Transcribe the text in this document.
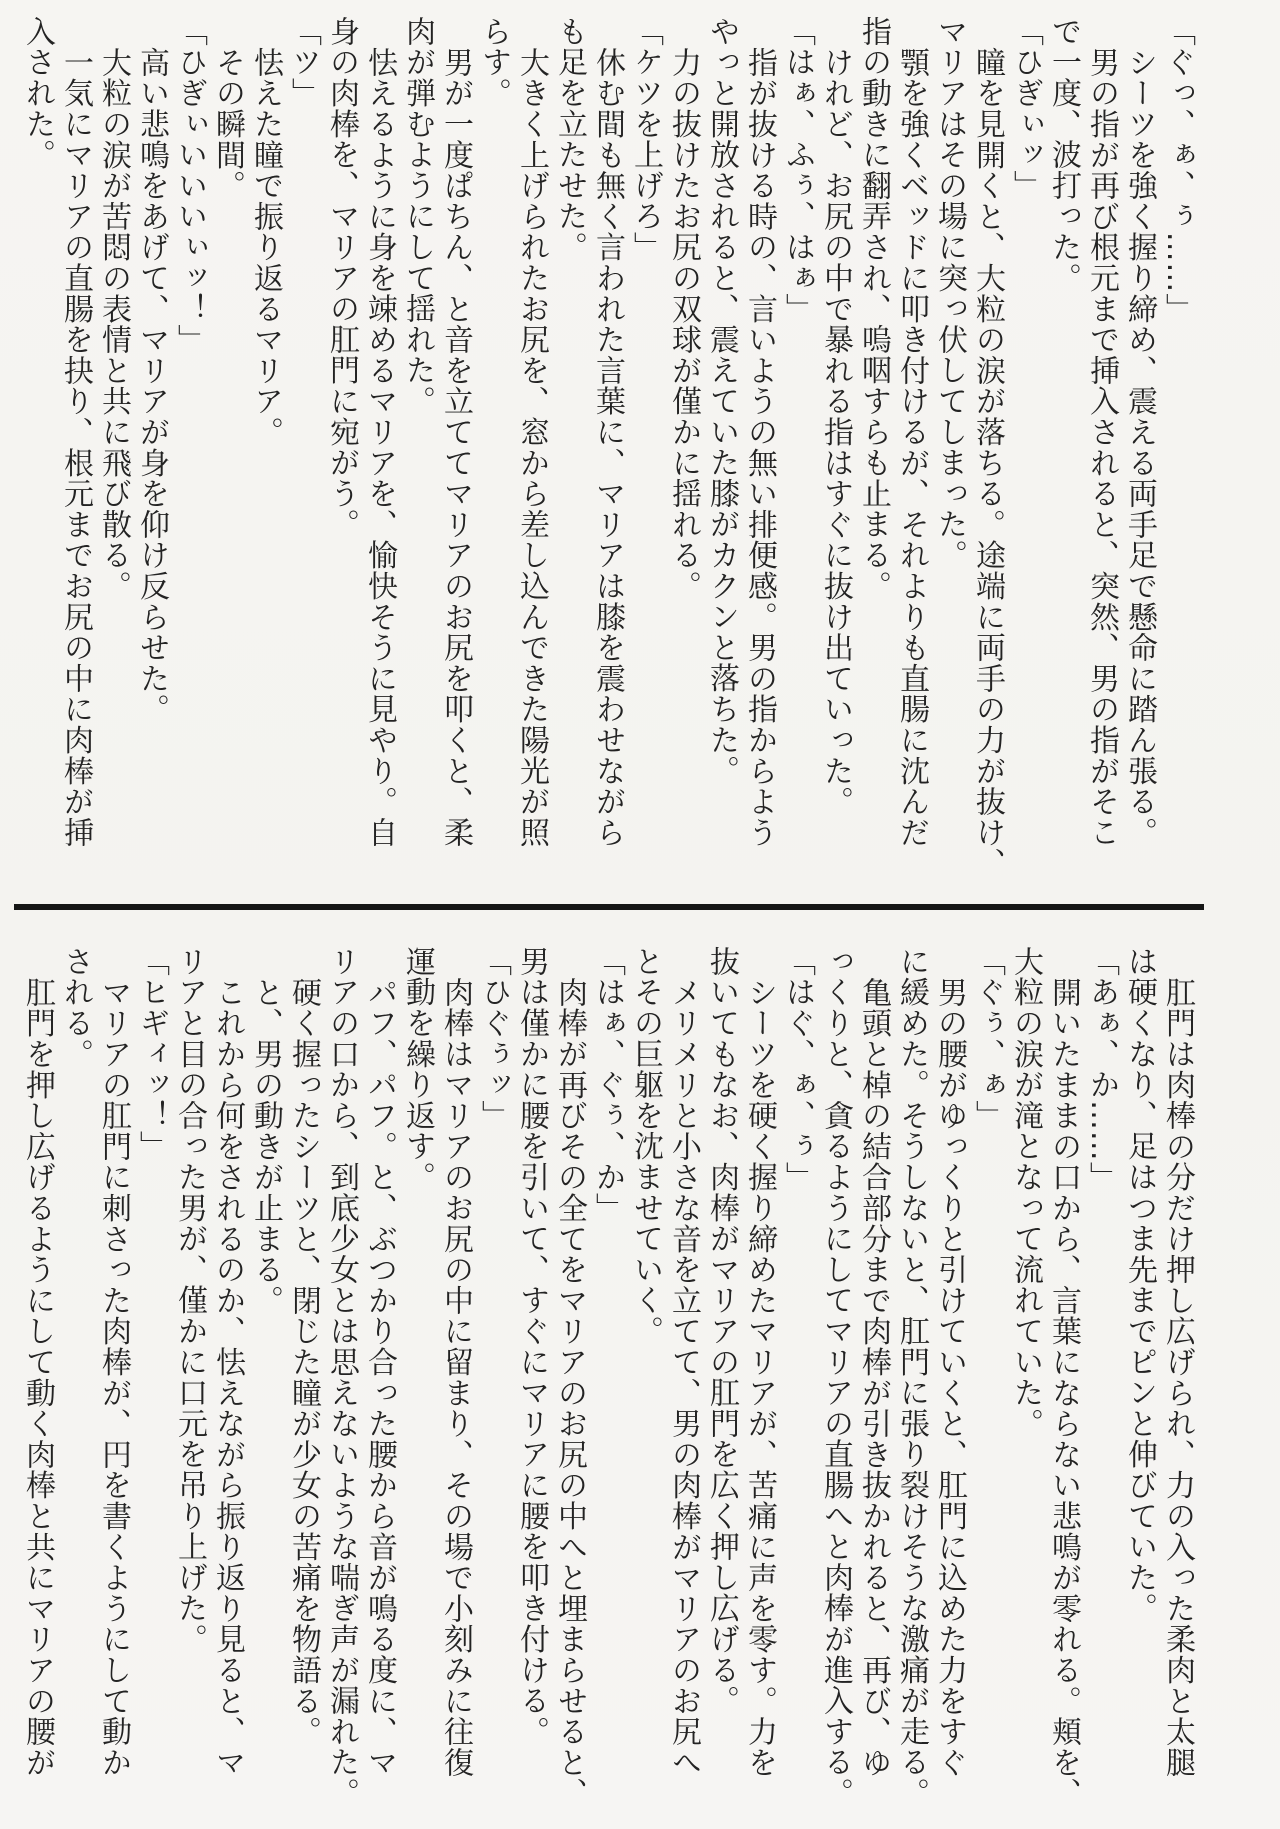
「ぐっ、ぁ、ぅ……」
シーツを強く握り締め、震える両手足で懸命に踏ん張る。
男の指が再び根元まで挿入されると、突然、男の指がそこ
で一度、波打った。
「ひぎぃッ」
瞳を見開くと、大粒の涙が落ちる。途端に両手の力が抜け、
マリアはその場に突っ伏してしまった。
顎を強くベッドに叩き付けるが、それよりも直腸に沈んだ
指の動きに翻弄され、嗚咽すらも止まる。
けれど、お尻の中で暴れる指はすぐに抜け出ていった。
「はぁ、ふぅ、はぁ」
指が抜ける時の、言いようの無い排便感。男の指からよう
やっと開放されると、震えていた膝がカクンと落ちた。
力の抜けたお尻の双球が僅かに揺れる。
「ケツを上げろ」
休む間も無く言われた言葉に、マリアは膝を震わせながら
も足を立たせた。
大きく上げられたお尻を、窓から差し込んできた陽光が照
らす。
男が一度ぱちん、と音を立ててマリアのお尻を叩くと、柔
肉が弾むようにして揺れた。
怯えるように身を竦めるマリアを、愉快そうに見やり。自
身の肉棒を、マリアの肛門に宛がう。
「ツ」
怯えた瞳で振り返るマリア。
その瞬間。
「ひぎぃいいいぃッ！」
高い悲鳴をあげて、マリアが身を仰け反らせた。
大粒の涙が苦悶の表情と共に飛び散る。
一気にマリアの直腸を抉り、根元までお尻の中に肉棒が挿
入された。
肛門は肉棒の分だけ押し広げられ、力の入った柔肉と太腿
は硬くなり、足はつま先までピンと伸びていた。
「あぁ、か……」
開いたままの口から、言葉にならない悲鳴が零れる。頬を、
大粒の涙が滝となって流れていた。
「ぐぅ、ぁ」
男の腰がゆっくりと引けていくと、肛門に込めた力をすぐ
に緩めた。そうしないと、肛門に張り裂けそうな激痛が走る。
亀頭と棹の結合部分まで肉棒が引き抜かれると、再び、ゆ
っくりと、貪るようにしてマリアの直腸へと肉棒が進入する。
「はぐ、ぁ、ぅ」
シーツを硬く握り締めたマリアが、苦痛に声を零す。力を
抜いてもなお、肉棒がマリアの肛門を広く押し広げる。
メリメリと小さな音を立てて、男の肉棒がマリアのお尻へ
とその巨躯を沈ませていく。
「はぁ、ぐぅ、か」
肉棒が再びその全てをマリアのお尻の中へと埋まらせると、
男は僅かに腰を引いて、すぐにマリアに腰を叩き付ける。
「ひぐぅッ」
肉棒はマリアのお尻の中に留まり、その場で小刻みに往復
運動を繰り返す。
パフ、パフ。と、ぶつかり合った腰から音が鳴る度に、マ
リアの口から、到底少女とは思えないような喘ぎ声が漏れた。
硬く握ったシーツと、閉じた瞳が少女の苦痛を物語る。
と、男の動きが止まる。
これから何をされるのか、怯えながら振り返り見ると、マ
リアと目の合った男が、僅かに口元を吊り上げた。
「ヒギィッ！」
マリアの肛門に刺さった肉棒が、円を書くようにして動か
される。
肛門を押し広げるようにして動く肉棒と共にマリアの腰が
